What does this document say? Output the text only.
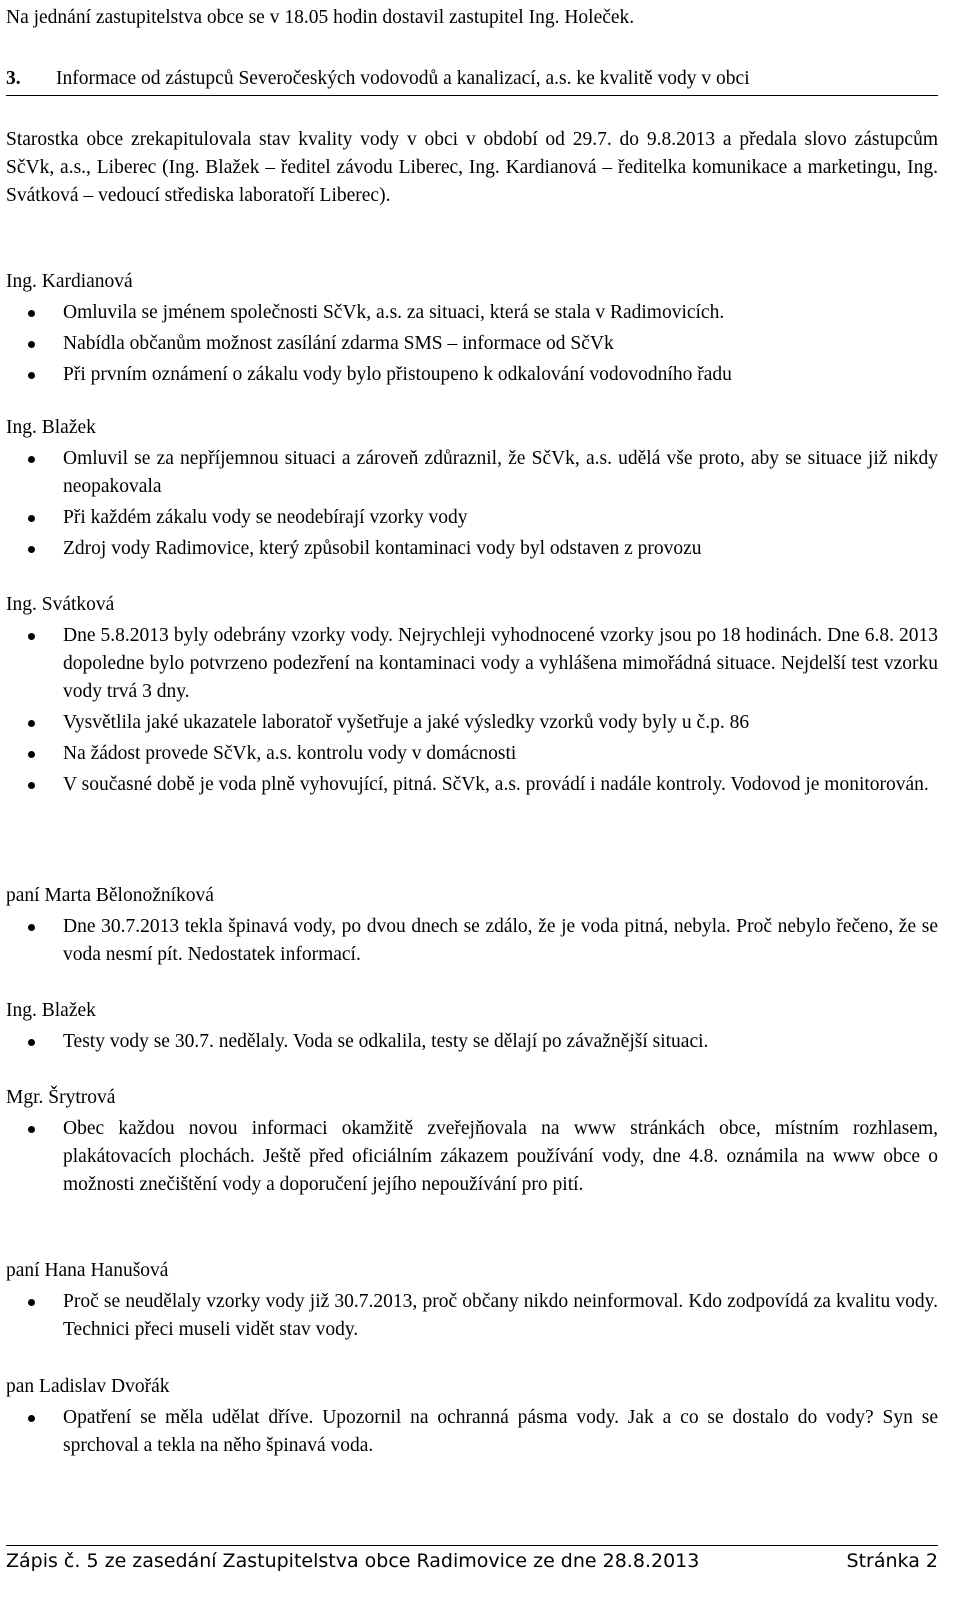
Na jednání zastupitelstva obce se v 18.05 hodin dostavil zastupitel Ing. Holeček.

3.	Informace od zástupců Severočeských vodovodů a kanalizací, a.s. ke kvalitě vody v obci

Starostka obce zrekapitulovala stav kvality vody v obci v období od 29.7. do 9.8.2013 a předala slovo zástupcům SčVk, a.s., Liberec (Ing. Blažek – ředitel závodu Liberec, Ing. Kardianová – ředitelka komunikace a marketingu, Ing. Svátková – vedoucí střediska laboratoří Liberec).

Ing. Kardianová

Omluvila se jménem společnosti SčVk, a.s. za situaci, která se stala v Radimovicích.
Nabídla občanům možnost zasílání zdarma SMS – informace od SčVk
Při prvním oznámení o zákalu vody bylo přistoupeno k odkalování vodovodního řadu

Ing. Blažek

Omluvil se za nepříjemnou situaci a zároveň zdůraznil, že SčVk, a.s. udělá vše proto, aby se situace již nikdy neopakovala
Při každém zákalu vody se neodebírají vzorky vody
Zdroj vody Radimovice, který způsobil kontaminaci vody byl odstaven z provozu

Ing. Svátková

Dne 5.8.2013 byly odebrány vzorky vody. Nejrychleji vyhodnocené vzorky jsou po 18 hodinách. Dne 6.8. 2013 dopoledne bylo potvrzeno podezření na kontaminaci vody a vyhlášena mimořádná situace. Nejdelší test vzorku vody trvá 3 dny.
Vysvětlila jaké ukazatele laboratoř vyšetřuje a jaké výsledky vzorků vody byly u č.p. 86
Na žádost provede SčVk, a.s. kontrolu vody v domácnosti
V současné době je voda plně vyhovující, pitná. SčVk, a.s. provádí i nadále kontroly. Vodovod je monitorován.

paní Marta Bělonožníková

Dne 30.7.2013 tekla špinavá vody, po dvou dnech se zdálo, že je voda pitná, nebyla. Proč nebylo řečeno, že se voda nesmí pít. Nedostatek informací.

Ing. Blažek

Testy vody se 30.7. nedělaly. Voda se odkalila, testy se dělají po závažnější situaci.

Mgr. Šrytrová

Obec každou novou informaci okamžitě zveřejňovala na www stránkách obce, místním rozhlasem, plakátovacích plochách. Ještě před oficiálním zákazem používání vody, dne 4.8. oznámila na www obce o možnosti znečištění vody a doporučení jejího nepoužívání pro pití.

paní Hana Hanušová

Proč se neudělaly vzorky vody již 30.7.2013, proč občany nikdo neinformoval. Kdo zodpovídá za kvalitu vody. Technici přeci museli vidět stav vody.

pan Ladislav Dvořák

Opatření se měla udělat dříve. Upozornil na ochranná pásma vody. Jak a co se dostalo do vody? Syn se sprchoval a tekla na něho špinavá voda.
Zápis č. 5 ze zasedání Zastupitelstva obce Radimovice ze dne 28.8.2013	Stránka 2
